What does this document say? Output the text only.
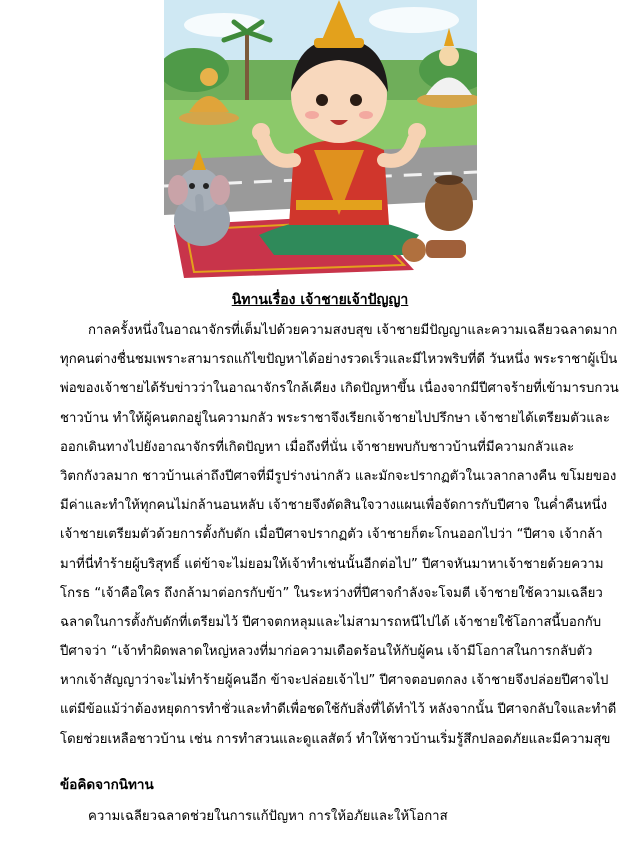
นิทานเรื่อง เจ้าชายเจ้าปัญญา
กาลครั้งหนึ่งในอาณาจักรที่เต็มไปด้วยความสงบสุข เจ้าชายมีปัญญาและความเฉลียวฉลาดมาก
ทุกคนต่างชื่นชมเพราะสามารถแก้ไขปัญหาได้อย่างรวดเร็วและมีไหวพริบที่ดี วันหนึ่ง พระราชาผู้เป็น
พ่อของเจ้าชายได้รับข่าวว่าในอาณาจักรใกล้เคียง เกิดปัญหาขึ้น เนื่องจากมีปีศาจร้ายที่เข้ามารบกวน
ชาวบ้าน ทำให้ผู้คนตกอยู่ในความกลัว พระราชาจึงเรียกเจ้าชายไปปรึกษา เจ้าชายได้เตรียมตัวและ
ออกเดินทางไปยังอาณาจักรที่เกิดปัญหา เมื่อถึงที่นั่น เจ้าชายพบกับชาวบ้านที่มีความกลัวและ
วิตกกังวลมาก ชาวบ้านเล่าถึงปีศาจที่มีรูปร่างน่ากลัว และมักจะปรากฏตัวในเวลากลางคืน ขโมยของ
มีค่าและทำให้ทุกคนไม่กล้านอนหลับ เจ้าชายจึงตัดสินใจวางแผนเพื่อจัดการกับปีศาจ ในค่ำคืนหนึ่ง
เจ้าชายเตรียมตัวด้วยการตั้งกับดัก เมื่อปีศาจปรากฏตัว เจ้าชายก็ตะโกนออกไปว่า “ปีศาจ เจ้ากล้า
มาที่นี่ทำร้ายผู้บริสุทธิ์ แต่ข้าจะไม่ยอมให้เจ้าทำเช่นนั้นอีกต่อไป” ปีศาจหันมาหาเจ้าชายด้วยความ
โกรธ “เจ้าคือใคร ถึงกล้ามาต่อกรกับข้า” ในระหว่างที่ปีศาจกำลังจะโจมตี เจ้าชายใช้ความเฉลียว
ฉลาดในการตั้งกับดักที่เตรียมไว้ ปีศาจตกหลุมและไม่สามารถหนีไปได้ เจ้าชายใช้โอกาสนี้บอกกับ
ปีศาจว่า “เจ้าทำผิดพลาดใหญ่หลวงที่มาก่อความเดือดร้อนให้กับผู้คน เจ้ามีโอกาสในการกลับตัว
หากเจ้าสัญญาว่าจะไม่ทำร้ายผู้คนอีก ข้าจะปล่อยเจ้าไป” ปีศาจตอบตกลง เจ้าชายจึงปล่อยปีศาจไป
แต่มีข้อแม้ว่าต้องหยุดการทำชั่วและทำดีเพื่อชดใช้กับสิ่งที่ได้ทำไว้ หลังจากนั้น ปีศาจกลับใจและทำดี
โดยช่วยเหลือชาวบ้าน เช่น การทำสวนและดูแลสัตว์ ทำให้ชาวบ้านเริ่มรู้สึกปลอดภัยและมีความสุข
ข้อคิดจากนิทาน
ความเฉลียวฉลาดช่วยในการแก้ปัญหา การให้อภัยและให้โอกาส
